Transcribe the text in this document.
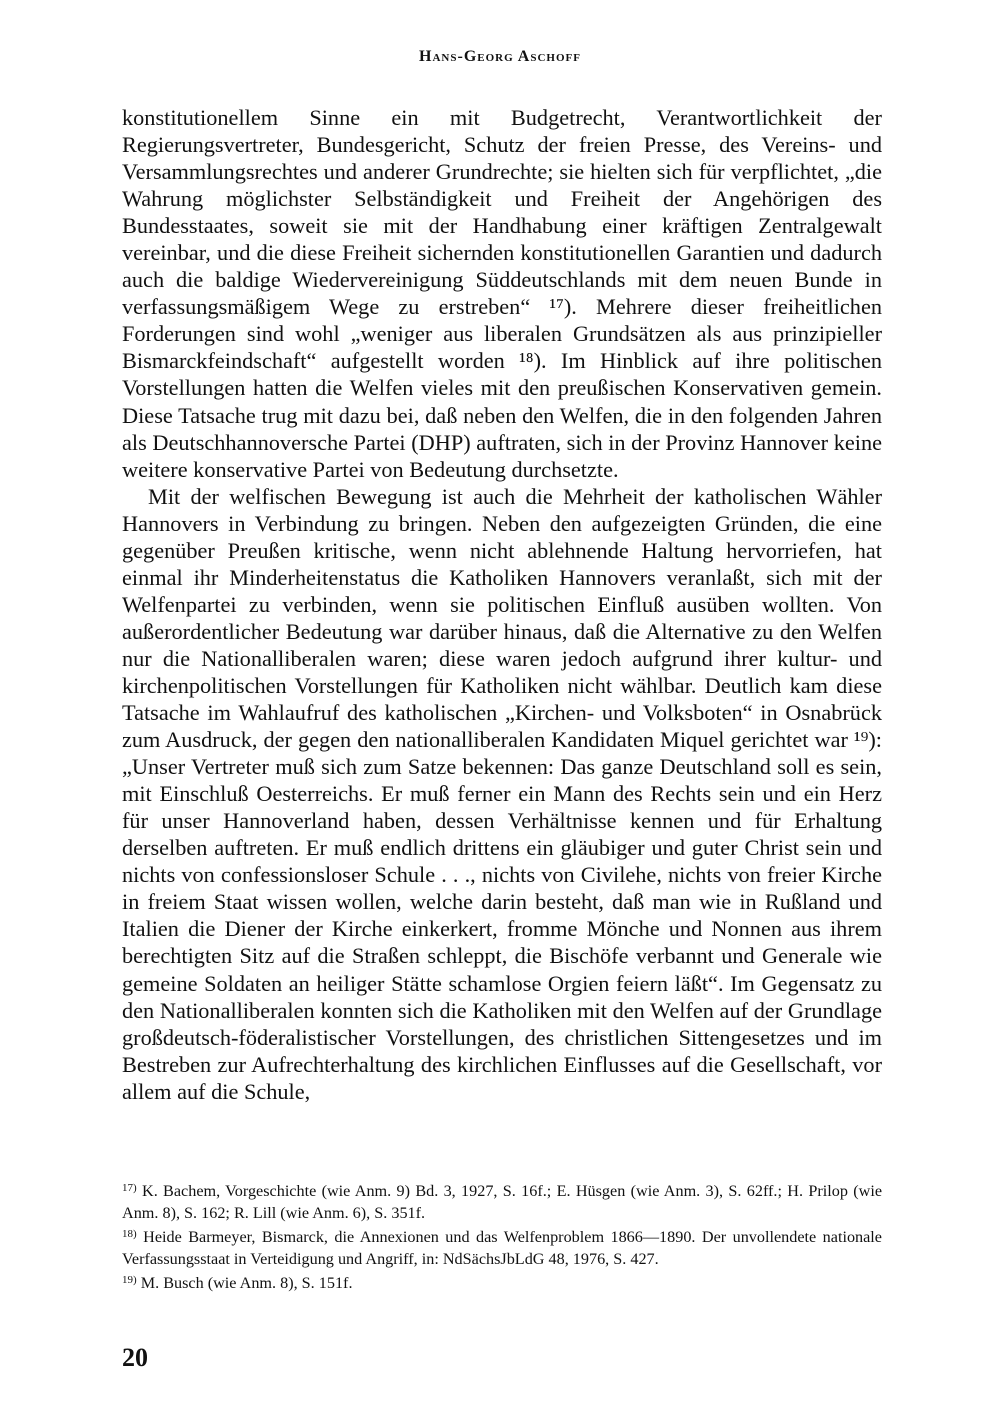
Hans-Georg Aschoff

konstitutionellem Sinne ein mit Budgetrecht, Verantwortlichkeit der Regierungsvertreter, Bundesgericht, Schutz der freien Presse, des Vereins- und Versammlungsrechtes und anderer Grundrechte; sie hielten sich für verpflichtet, „die Wahrung möglichster Selbständigkeit und Freiheit der Angehörigen des Bundesstaates, soweit sie mit der Handhabung einer kräftigen Zentralgewalt vereinbar, und die diese Freiheit sichernden konstitutionellen Garantien und dadurch auch die baldige Wiedervereinigung Süddeutschlands mit dem neuen Bunde in verfassungsmäßigem Wege zu erstreben“ ¹⁷). Mehrere dieser freiheitlichen Forderungen sind wohl „weniger aus liberalen Grundsätzen als aus prinzipieller Bismarckfeindschaft“ aufgestellt worden ¹⁸). Im Hinblick auf ihre politischen Vorstellungen hatten die Welfen vieles mit den preußischen Konservativen gemein. Diese Tatsache trug mit dazu bei, daß neben den Welfen, die in den folgenden Jahren als Deutschhannoversche Partei (DHP) auftraten, sich in der Provinz Hannover keine weitere konservative Partei von Bedeutung durchsetzte.

Mit der welfischen Bewegung ist auch die Mehrheit der katholischen Wähler Hannovers in Verbindung zu bringen. Neben den aufgezeigten Gründen, die eine gegenüber Preußen kritische, wenn nicht ablehnende Haltung hervorriefen, hat einmal ihr Minderheitenstatus die Katholiken Hannovers veranlaßt, sich mit der Welfenpartei zu verbinden, wenn sie politischen Einfluß ausüben wollten. Von außerordentlicher Bedeutung war darüber hinaus, daß die Alternative zu den Welfen nur die Nationalliberalen waren; diese waren jedoch aufgrund ihrer kultur- und kirchenpolitischen Vorstellungen für Katholiken nicht wählbar. Deutlich kam diese Tatsache im Wahlaufruf des katholischen „Kirchen- und Volksboten“ in Osnabrück zum Ausdruck, der gegen den nationalliberalen Kandidaten Miquel gerichtet war ¹⁹): „Unser Vertreter muß sich zum Satze bekennen: Das ganze Deutschland soll es sein, mit Einschluß Oesterreichs. Er muß ferner ein Mann des Rechts sein und ein Herz für unser Hannoverland haben, dessen Verhältnisse kennen und für Erhaltung derselben auftreten. Er muß endlich drittens ein gläubiger und guter Christ sein und nichts von confessionsloser Schule . . ., nichts von Civilehe, nichts von freier Kirche in freiem Staat wissen wollen, welche darin besteht, daß man wie in Rußland und Italien die Diener der Kirche einkerkert, fromme Mönche und Nonnen aus ihrem berechtigten Sitz auf die Straßen schleppt, die Bischöfe verbannt und Generale wie gemeine Soldaten an heiliger Stätte schamlose Orgien feiern läßt“. Im Gegensatz zu den Nationalliberalen konnten sich die Katholiken mit den Welfen auf der Grundlage großdeutsch-föderalistischer Vorstellungen, des christlichen Sittengesetzes und im Bestreben zur Aufrechterhaltung des kirchlichen Einflusses auf die Gesellschaft, vor allem auf die Schule,

$^{17)}$ K. Bachem, Vorgeschichte (wie Anm. 9) Bd. 3, 1927, S. 16f.; E. Hüsgen (wie Anm. 3), S. 62ff.; H. Prilop (wie Anm. 8), S. 162; R. Lill (wie Anm. 6), S. 351f.

$^{18)}$ Heide Barmeyer, Bismarck, die Annexionen und das Welfenproblem 1866—1890. Der unvollendete nationale Verfassungsstaat in Verteidigung und Angriff, in: NdSächsJbLdG 48, 1976, S. 427.

$^{19)}$ M. Busch (wie Anm. 8), S. 151f.

20
